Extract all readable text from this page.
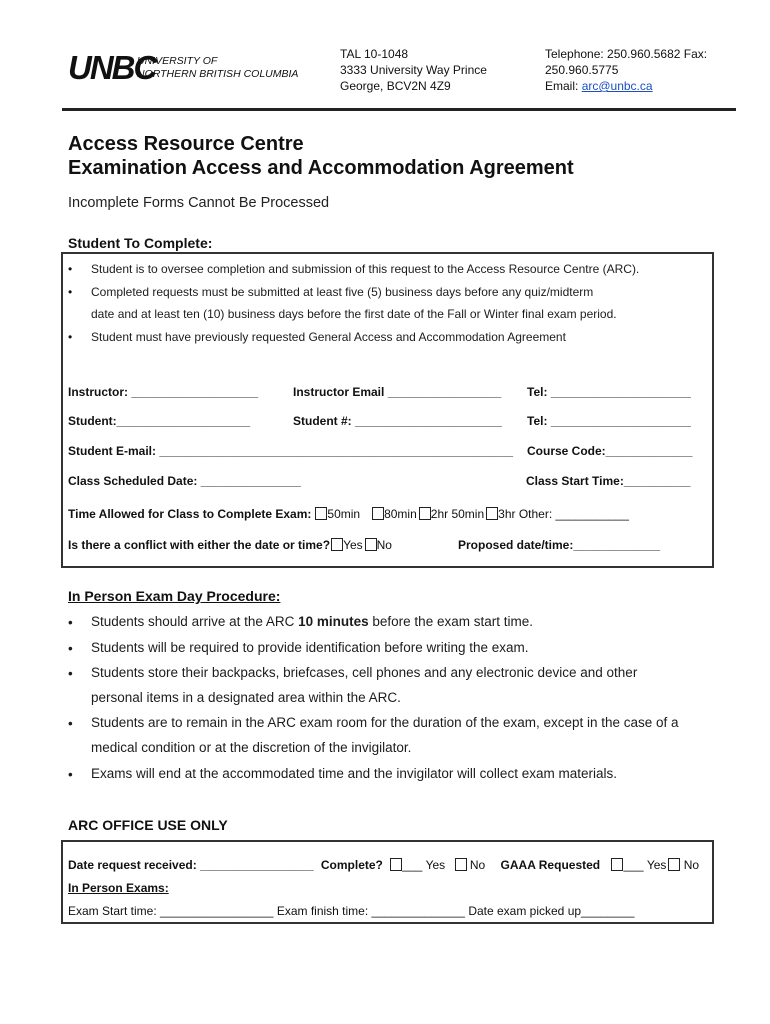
UNBC
UNIVERSITY OF
NORTHERN BRITISH COLUMBIA
TAL 10-1048
3333 University Way Prince
George, BCV2N 4Z9
Telephone: 250.960.5682 Fax:
250.960.5775
Email: arc@unbc.ca
Access Resource Centre
Examination Access and Accommodation Agreement
Incomplete Forms Cannot Be Processed
Student To Complete:
• Student is to oversee completion and submission of this request to the Access Resource Centre (ARC).
• Completed requests must be submitted at least five (5) business days before any quiz/midterm
date and at least ten (10) business days before the first date of the Fall or Winter final exam period.
• Student must have previously requested General Access and Accommodation Agreement
Instructor: ___________________	Instructor Email _________________ Tel: _____________________
Student:____________________	Student #: ______________________ Tel: _____________________
Student E-mail: _____________________________________________________ Course Code:_____________
Class Scheduled Date: _______________	Class Start Time:__________
Time Allowed for Class to Complete Exam: 50min 80min 2hr 50min 3hr Other: ___________
Is there a conflict with either the date or time? Yes No	Proposed date/time:_____________
In Person Exam Day Procedure:
• Students should arrive at the ARC 10 minutes before the exam start time.
• Students will be required to provide identification before writing the exam.
• Students store their backpacks, briefcases, cell phones and any electronic device and other
personal items in a designated area within the ARC.
• Students are to remain in the ARC exam room for the duration of the exam, except in the case of a
medical condition or at the discretion of the invigilator.
• Exams will end at the accommodated time and the invigilator will collect exam materials.
ARC OFFICE USE ONLY
Date request received: _________________ Complete? ___ Yes No GAAA Requested ___ Yes No
In Person Exams:
Exam Start time: _________________ Exam finish time: ______________ Date exam picked up________
